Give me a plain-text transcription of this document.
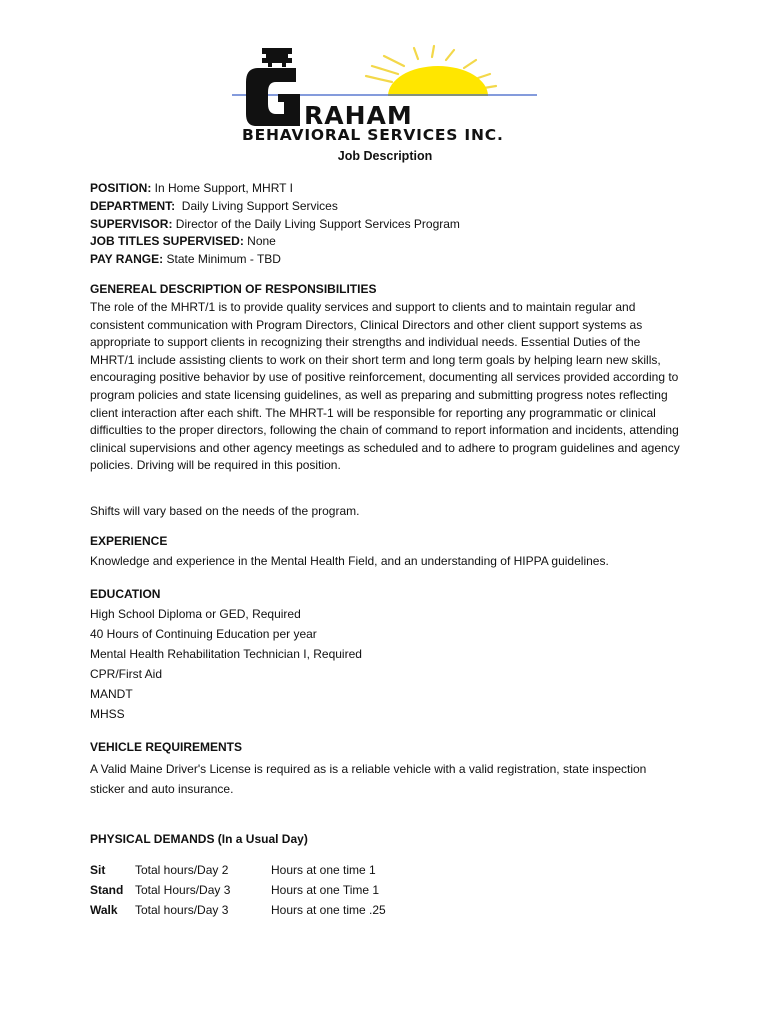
RAHAM
BEHAVIORAL SERVICES INC.
Job Description
POSITION: In Home Support, MHRT I
DEPARTMENT:  Daily Living Support Services
SUPERVISOR: Director of the Daily Living Support Services Program
JOB TITLES SUPERVISED: None
PAY RANGE: State Minimum - TBD
GENEREAL DESCRIPTION OF RESPONSIBILITIES
The role of the MHRT/1 is to provide quality services and support to clients and to maintain regular and consistent communication with Program Directors, Clinical Directors and other client support systems as appropriate to support clients in recognizing their strengths and individual needs. Essential Duties of the MHRT/1 include assisting clients to work on their short term and long term goals by helping learn new skills, encouraging positive behavior by use of positive reinforcement, documenting all services provided according to program policies and state licensing guidelines, as well as preparing and submitting progress notes reflecting client interaction after each shift. The MHRT-1 will be responsible for reporting any programmatic or clinical difficulties to the proper directors, following the chain of command to report information and incidents, attending clinical supervisions and other agency meetings as scheduled and to adhere to program guidelines and agency policies. Driving will be required in this position.
Shifts will vary based on the needs of the program.
EXPERIENCE
Knowledge and experience in the Mental Health Field, and an understanding of HIPPA guidelines.
EDUCATION
High School Diploma or GED, Required
40 Hours of Continuing Education per year
Mental Health Rehabilitation Technician I, Required
CPR/First Aid
MANDT
MHSS
VEHICLE REQUIREMENTS
A Valid Maine Driver's License is required as is a reliable vehicle with a valid registration, state inspection sticker and auto insurance.
PHYSICAL DEMANDS (In a Usual Day)
Sit Total hours/Day 2	Hours at one time 1
Stand Total Hours/Day 3	Hours at one Time 1
Walk Total hours/Day 3	Hours at one time .25
